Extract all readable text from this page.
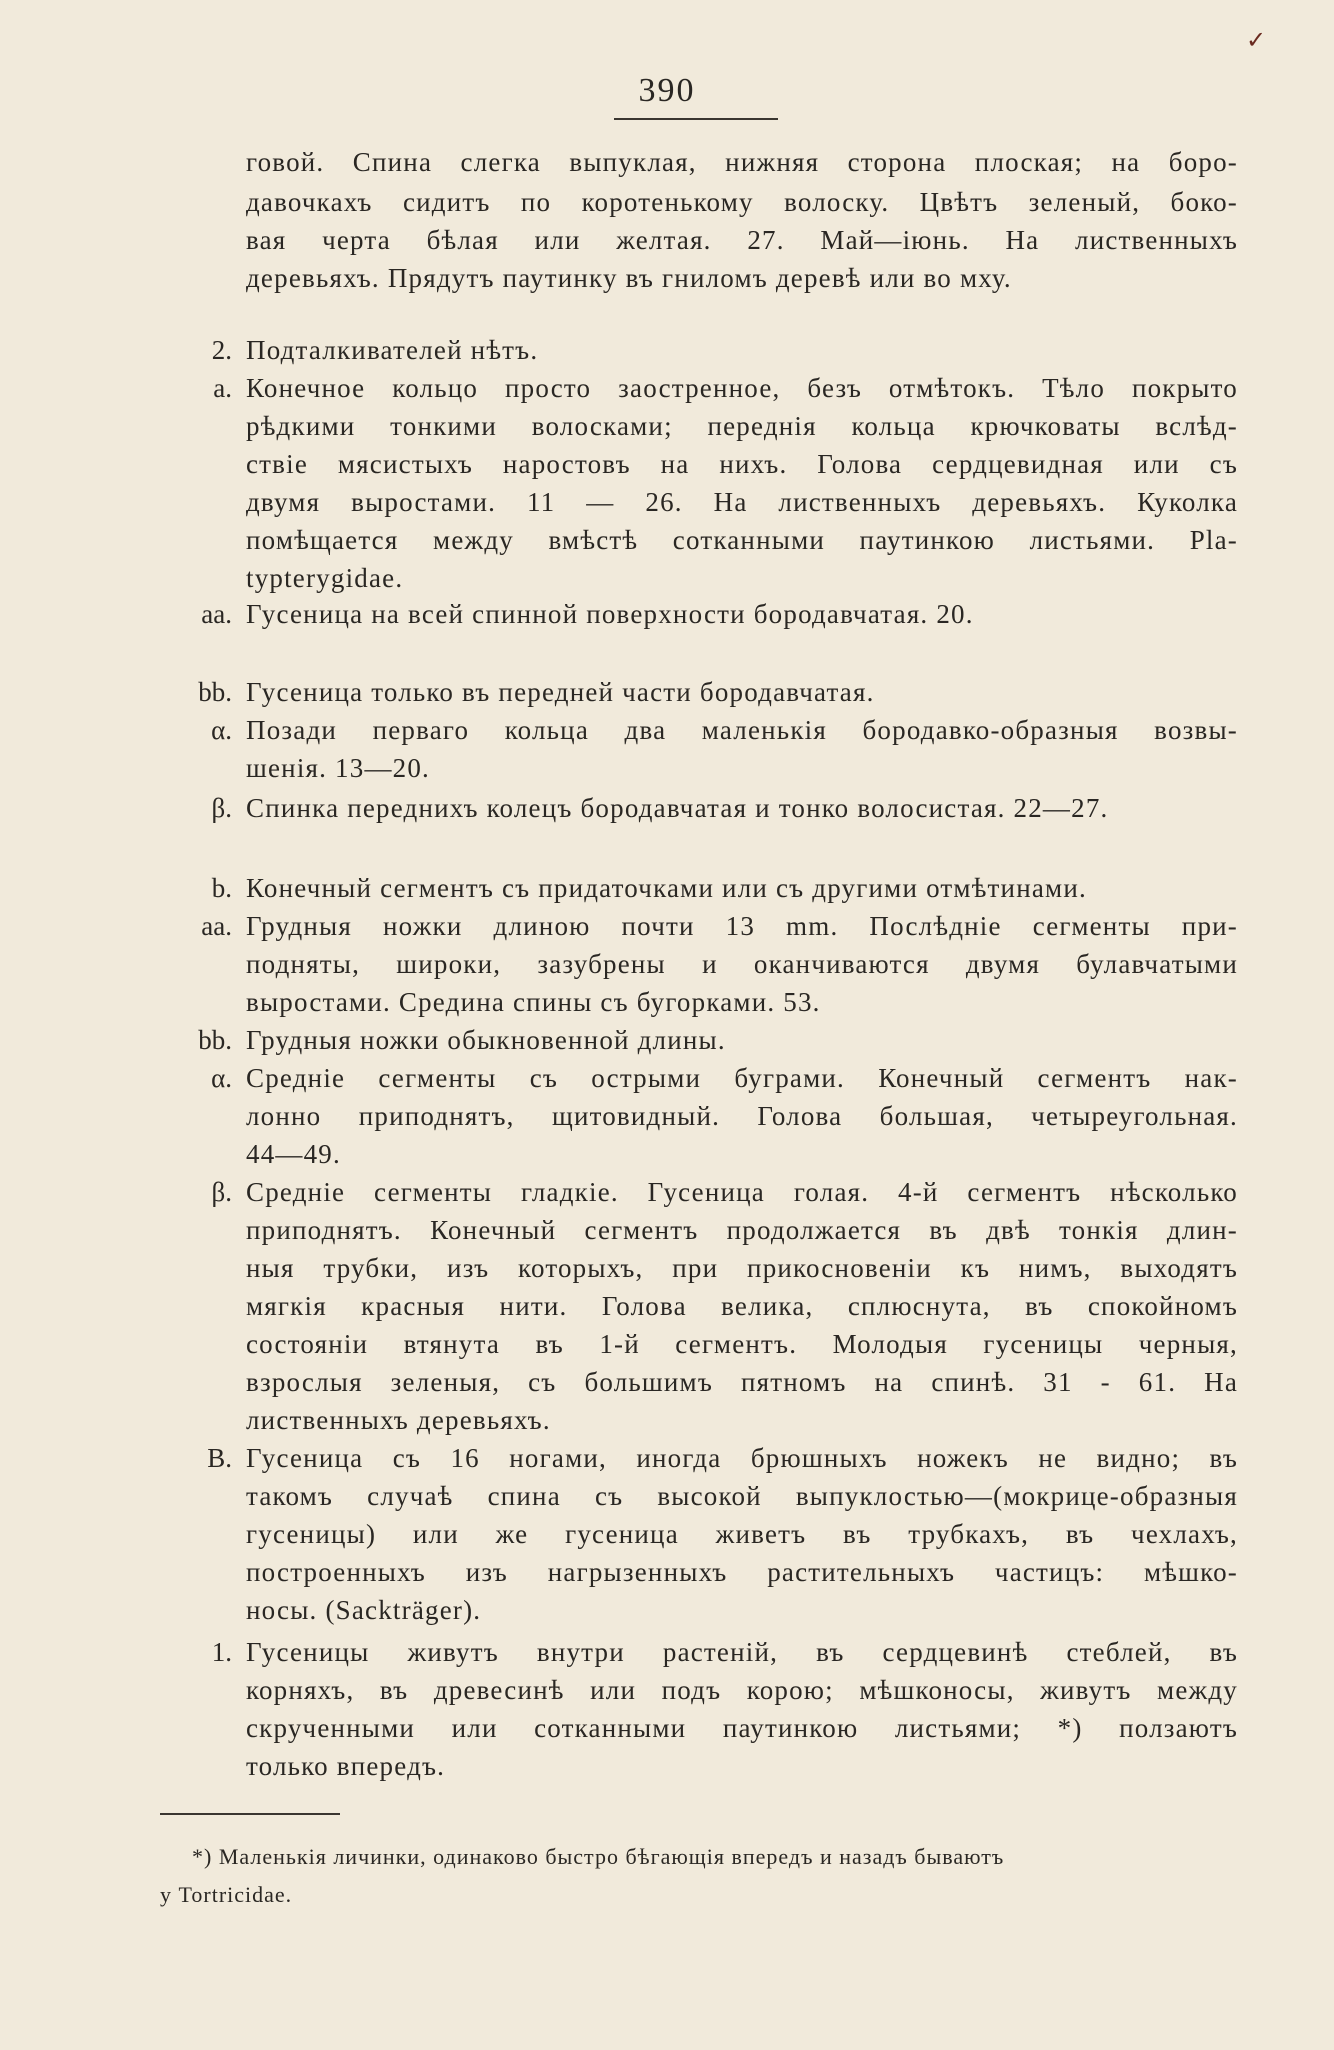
✓
390
говой. Спина слегка выпуклая, нижняя сторона плоская; на боро-
давочкахъ сидитъ по коротенькому волоску. Цвѣтъ зеленый, боко-
вая черта бѣлая или желтая. 27. Май—іюнь. На лиственныхъ
деревьяхъ. Прядутъ паутинку въ гниломъ деревѣ или во мху.
2. Подталкивателей нѣтъ.
a. Конечное кольцо просто заостренное, безъ отмѣтокъ. Тѣло покрыто
рѣдкими тонкими волосками; переднія кольца крючковаты вслѣд-
ствіе мясистыхъ наростовъ на нихъ. Голова сердцевидная или съ
двумя выростами. 11 — 26. На лиственныхъ деревьяхъ. Куколка
помѣщается между вмѣстѣ сотканными паутинкою листьями. Pla-
typterygidae.
aa. Гусеница на всей спинной поверхности бородавчатая. 20.
bb. Гусеница только въ передней части бородавчатая.
α. Позади перваго кольца два маленькія бородавко-образныя возвы-
шенія. 13—20.
β. Спинка переднихъ колецъ бородавчатая и тонко волосистая. 22—27.
b. Конечный сегментъ съ придаточками или съ другими отмѣтинами.
aa. Грудныя ножки длиною почти 13 mm. Послѣдніе сегменты при-
подняты, широки, зазубрены и оканчиваются двумя булавчатыми
выростами. Средина спины съ бугорками. 53.
bb. Грудныя ножки обыкновенной длины.
α. Средніе сегменты съ острыми буграми. Конечный сегментъ нак-
лонно приподнятъ, щитовидный. Голова большая, четыреугольная.
44—49.
β. Средніе сегменты гладкіе. Гусеница голая. 4-й сегментъ нѣсколько
приподнятъ. Конечный сегментъ продолжается въ двѣ тонкія длин-
ныя трубки, изъ которыхъ, при прикосновеніи къ нимъ, выходятъ
мягкія красныя нити. Голова велика, сплюснута, въ спокойномъ
состояніи втянута въ 1-й сегментъ. Молодыя гусеницы черныя,
взрослыя зеленыя, съ большимъ пятномъ на спинѣ. 31 - 61. На
лиственныхъ деревьяхъ.
B. Гусеница съ 16 ногами, иногда брюшныхъ ножекъ не видно; въ
такомъ случаѣ спина съ высокой выпуклостью—(мокрице-образныя
гусеницы) или же гусеница живетъ въ трубкахъ, въ чехлахъ,
построенныхъ изъ нагрызенныхъ растительныхъ частицъ: мѣшко-
носы. (Sackträger).
1. Гусеницы живутъ внутри растеній, въ сердцевинѣ стеблей, въ
корняхъ, въ древесинѣ или подъ корою; мѣшконосы, живутъ между
скрученными или сотканными паутинкою листьями; *) ползаютъ
только впередъ.
*) Маленькія личинки, одинаково быстро бѣгающія впередъ и назадъ бываютъ
у Tortricidae.
